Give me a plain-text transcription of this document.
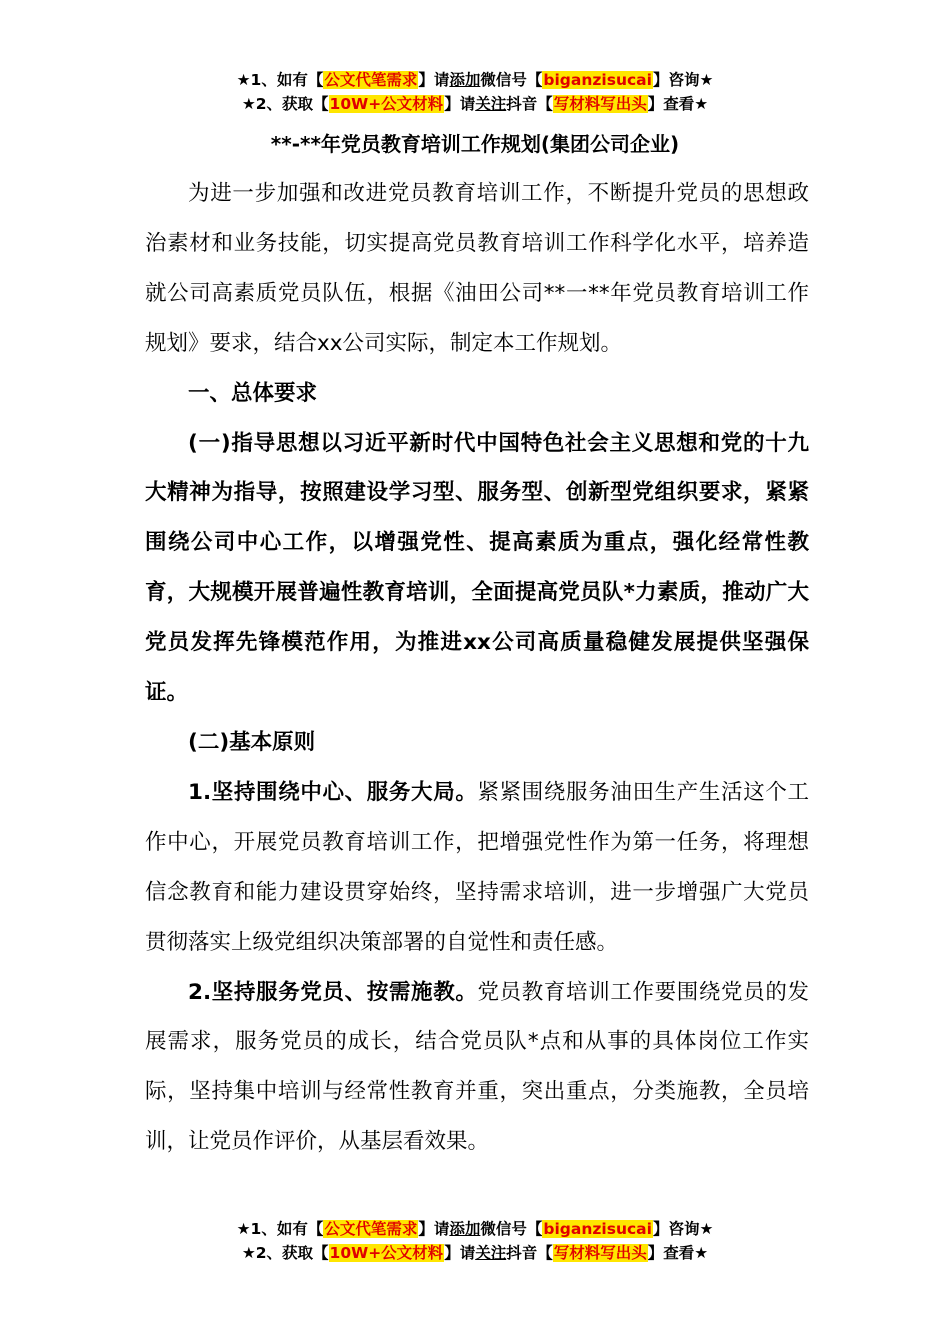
★1、如有【公文代笔需求】请添加微信号【biganzisucai】咨询★
★2、获取【10W+公文材料】请关注抖音【写材料写出头】查看★
**-**年党员教育培训工作规划(集团公司企业)

为进一步加强和改进党员教育培训工作，不断提升党员的思想政治素材和业务技能，切实提高党员教育培训工作科学化水平，培养造就公司高素质党员队伍，根据《油田公司**一**年党员教育培训工作规划》要求，结合xx公司实际，制定本工作规划。

一、总体要求

(一)指导思想以习近平新时代中国特色社会主义思想和党的十九大精神为指导，按照建设学习型、服务型、创新型党组织要求，紧紧围绕公司中心工作，以增强党性、提高素质为重点，强化经常性教育，大规模开展普遍性教育培训，全面提高党员队*力素质，推动广大党员发挥先锋模范作用，为推进xx公司高质量稳健发展提供坚强保证。

(二)基本原则

1.坚持围绕中心、服务大局。紧紧围绕服务油田生产生活这个工作中心，开展党员教育培训工作，把增强党性作为第一任务，将理想信念教育和能力建设贯穿始终，坚持需求培训，进一步增强广大党员贯彻落实上级党组织决策部署的自觉性和责任感。

2.坚持服务党员、按需施教。党员教育培训工作要围绕党员的发展需求，服务党员的成长，结合党员队*点和从事的具体岗位工作实际，坚持集中培训与经常性教育并重，突出重点，分类施教，全员培训，让党员作评价，从基层看效果。

★1、如有【公文代笔需求】请添加微信号【biganzisucai】咨询★
★2、获取【10W+公文材料】请关注抖音【写材料写出头】查看★
